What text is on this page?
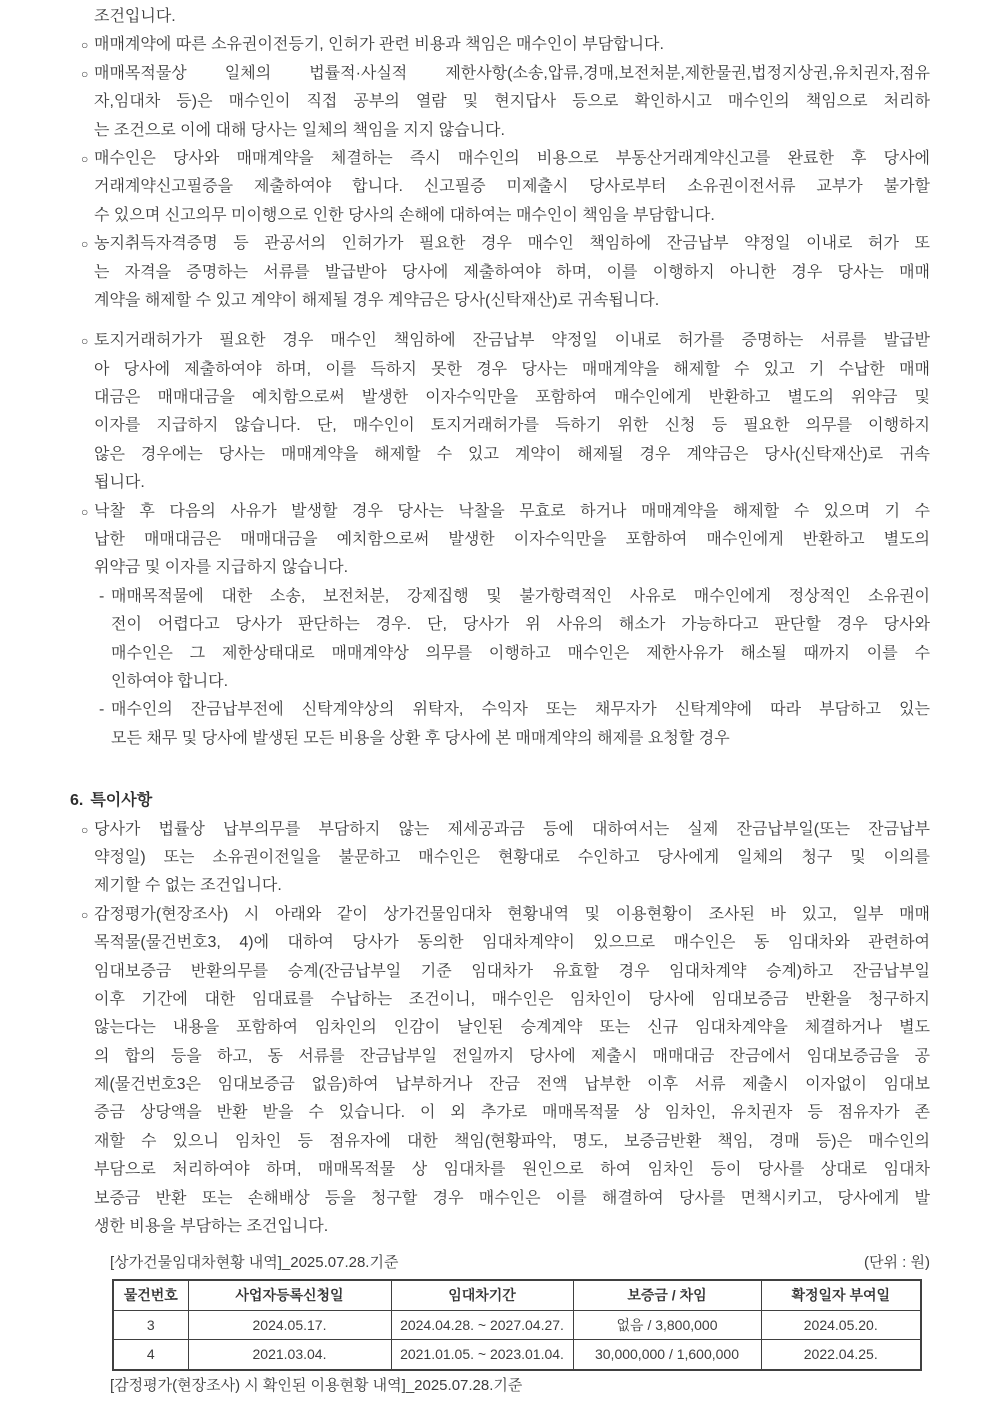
조건입니다.
○ 매매계약에 따른 소유권이전등기, 인허가 관련 비용과 책임은 매수인이 부담합니다.
○ 매매목적물상 일체의 법률적·사실적 제한사항(소송,압류,경매,보전처분,제한물권,법정지상권,유치권자,점유
자,임대차 등)은 매수인이 직접 공부의 열람 및 현지답사 등으로 확인하시고 매수인의 책임으로 처리하
는 조건으로 이에 대해 당사는 일체의 책임을 지지 않습니다.
○ 매수인은 당사와 매매계약을 체결하는 즉시 매수인의 비용으로 부동산거래계약신고를 완료한 후 당사에
거래계약신고필증을 제출하여야 합니다. 신고필증 미제출시 당사로부터 소유권이전서류 교부가 불가할
수 있으며 신고의무 미이행으로 인한 당사의 손해에 대하여는 매수인이 책임을 부담합니다.
○ 농지취득자격증명 등 관공서의 인허가가 필요한 경우 매수인 책임하에 잔금납부 약정일 이내로 허가 또
는 자격을 증명하는 서류를 발급받아 당사에 제출하여야 하며, 이를 이행하지 아니한 경우 당사는 매매
계약을 해제할 수 있고 계약이 해제될 경우 계약금은 당사(신탁재산)로 귀속됩니다.
○ 토지거래허가가 필요한 경우 매수인 책임하에 잔금납부 약정일 이내로 허가를 증명하는 서류를 발급받
아 당사에 제출하여야 하며, 이를 득하지 못한 경우 당사는 매매계약을 해제할 수 있고 기 수납한 매매
대금은 매매대금을 예치함으로써 발생한 이자수익만을 포함하여 매수인에게 반환하고 별도의 위약금 및
이자를 지급하지 않습니다. 단, 매수인이 토지거래허가를 득하기 위한 신청 등 필요한 의무를 이행하지
않은 경우에는 당사는 매매계약을 해제할 수 있고 계약이 해제될 경우 계약금은 당사(신탁재산)로 귀속
됩니다.
○ 낙찰 후 다음의 사유가 발생할 경우 당사는 낙찰을 무효로 하거나 매매계약을 해제할 수 있으며 기 수
납한 매매대금은 매매대금을 예치함으로써 발생한 이자수익만을 포함하여 매수인에게 반환하고 별도의
위약금 및 이자를 지급하지 않습니다.
- 매매목적물에 대한 소송, 보전처분, 강제집행 및 불가항력적인 사유로 매수인에게 정상적인 소유권이
전이 어렵다고 당사가 판단하는 경우. 단, 당사가 위 사유의 해소가 가능하다고 판단할 경우 당사와
매수인은 그 제한상태대로 매매계약상 의무를 이행하고 매수인은 제한사유가 해소될 때까지 이를 수
인하여야 합니다.
- 매수인의 잔금납부전에 신탁계약상의 위탁자, 수익자 또는 채무자가 신탁계약에 따라 부담하고 있는
모든 채무 및 당사에 발생된 모든 비용을 상환 후 당사에 본 매매계약의 해제를 요청할 경우
6. 특이사항
○ 당사가 법률상 납부의무를 부담하지 않는 제세공과금 등에 대하여서는 실제 잔금납부일(또는 잔금납부
약정일) 또는 소유권이전일을 불문하고 매수인은 현황대로 수인하고 당사에게 일체의 청구 및 이의를
제기할 수 없는 조건입니다.
○ 감정평가(현장조사) 시 아래와 같이 상가건물임대차 현황내역 및 이용현황이 조사된 바 있고, 일부 매매
목적물(물건번호3, 4)에 대하여 당사가 동의한 임대차계약이 있으므로 매수인은 동 임대차와 관련하여
임대보증금 반환의무를 승계(잔금납부일 기준 임대차가 유효할 경우 임대차계약 승계)하고 잔금납부일
이후 기간에 대한 임대료를 수납하는 조건이니, 매수인은 임차인이 당사에 임대보증금 반환을 청구하지
않는다는 내용을 포함하여 임차인의 인감이 날인된 승계계약 또는 신규 임대차계약을 체결하거나 별도
의 합의 등을 하고, 동 서류를 잔금납부일 전일까지 당사에 제출시 매매대금 잔금에서 임대보증금을 공
제(물건번호3은 임대보증금 없음)하여 납부하거나 잔금 전액 납부한 이후 서류 제출시 이자없이 임대보
증금 상당액을 반환 받을 수 있습니다. 이 외 추가로 매매목적물 상 임차인, 유치권자 등 점유자가 존
재할 수 있으니 임차인 등 점유자에 대한 책임(현황파악, 명도, 보증금반환 책임, 경매 등)은 매수인의
부담으로 처리하여야 하며, 매매목적물 상 임대차를 원인으로 하여 임차인 등이 당사를 상대로 임대차
보증금 반환 또는 손해배상 등을 청구할 경우 매수인은 이를 해결하여 당사를 면책시키고, 당사에게 발
생한 비용을 부담하는 조건입니다.
[상가건물임대차현황 내역]_2025.07.28.기준	(단위 : 원)
물건번호	사업자등록신청일	임대차기간	보증금 / 차임	확정일자 부여일
3	2024.05.17.	2024.04.28. ~ 2027.04.27.	없음 / 3,800,000	2024.05.20.
4	2021.03.04.	2021.01.05. ~ 2023.01.04.	30,000,000 / 1,600,000	2022.04.25.
[감정평가(현장조사) 시 확인된 이용현황 내역]_2025.07.28.기준
